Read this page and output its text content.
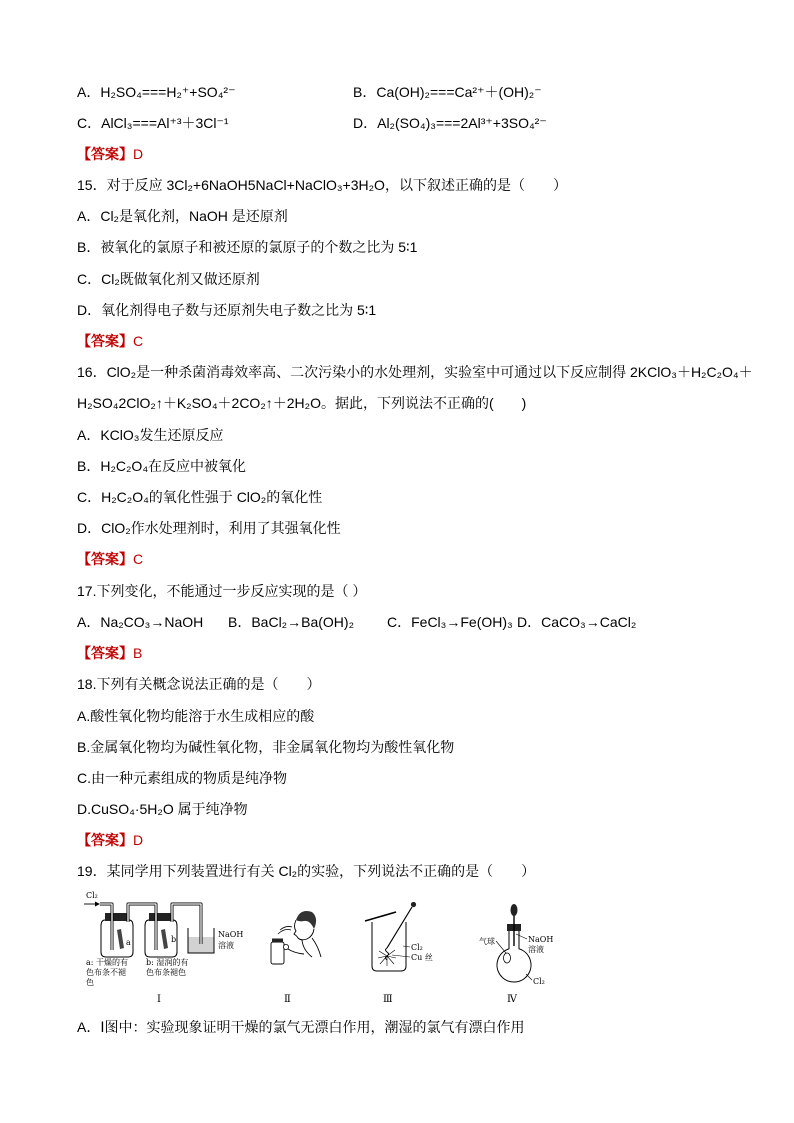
A．H₂SO₄===H₂⁺+SO₄²⁻	B．Ca(OH)₂===Ca²⁺＋(OH)₂⁻
C．AlCl₃===Al⁺³＋3Cl⁻¹	D．Al₂(SO₄)₃===2Al³⁺+3SO₄²⁻
【答案】D
15．对于反应 3Cl₂+6NaOH5NaCl+NaClO₃+3H₂O，以下叙述正确的是（　　）
A．Cl₂是氧化剂，NaOH 是还原剂
B．被氧化的氯原子和被还原的氯原子的个数之比为 5∶1
C．Cl₂既做氧化剂又做还原剂
D．氧化剂得电子数与还原剂失电子数之比为 5∶1
【答案】C
16．ClO₂是一种杀菌消毒效率高、二次污染小的水处理剂，实验室中可通过以下反应制得 2KClO₃＋H₂C₂O₄＋
H₂SO₄2ClO₂↑＋K₂SO₄＋2CO₂↑＋2H₂O。据此，下列说法不正确的(　　)
A．KClO₃发生还原反应
B．H₂C₂O₄在反应中被氧化
C．H₂C₂O₄的氧化性强于 ClO₂的氧化性
D．ClO₂作水处理剂时，利用了其强氧化性
【答案】C
17.下列变化，不能通过一步反应实现的是（ ）
A．Na₂CO₃→NaOH B．BaCl₂→Ba(OH)₂ C．FeCl₃→Fe(OH)₃ D．CaCO₃→CaCl₂
【答案】B
18.下列有关概念说法正确的是（　　）
A.酸性氧化物均能溶于水生成相应的酸
B.金属氧化物均为碱性氧化物，非金属氧化物均为酸性氧化物
C.由一种元素组成的物质是纯净物
D.CuSO₄·5H₂O 属于纯净物
【答案】D
19．某同学用下列装置进行有关 Cl₂的实验，下列说法不正确的是（　　）
Cl₂
a	b
NaOH
溶液
a: 干燥的有
色布条不褪
色
b: 湿润的有
色布条褪色
Ⅰ	Ⅱ
Cl₂
Cu 丝
Ⅲ
气球	NaOH
溶液
Cl₂
Ⅳ
A．Ⅰ图中：实验现象证明干燥的氯气无漂白作用，潮湿的氯气有漂白作用
